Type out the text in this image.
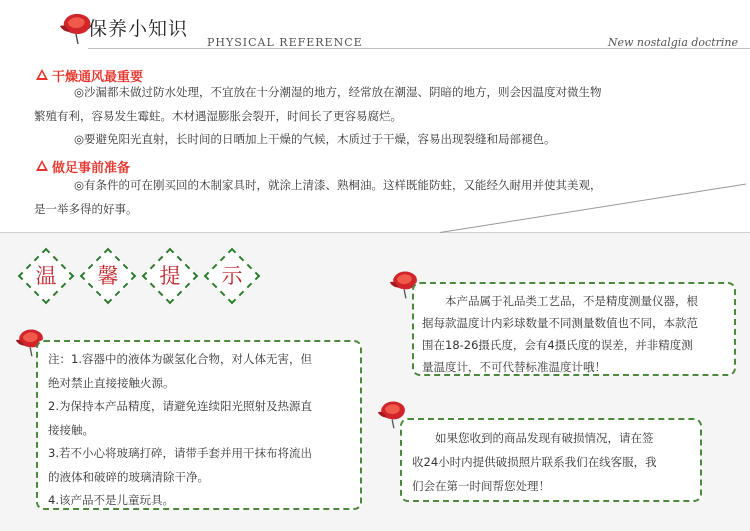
保养小知识
PHYSICAL REFERENCE	New nostalgia doctrine
干燥通风最重要
◎沙漏都未做过防水处理，不宜放在十分潮湿的地方，经常放在潮湿、阴暗的地方，则会因温度对微生物
繁殖有利，容易发生霉蛀。木材遇湿膨胀会裂开，时间长了更容易腐烂。
◎要避免阳光直射，长时间的日晒加上干燥的气候，木质过于干燥，容易出现裂缝和局部褪色。
做足事前准备
◎有条件的可在刚买回的木制家具时，就涂上清漆、熟桐油。这样既能防蛀，又能经久耐用并使其美观，
是一举多得的好事。
温	馨	提	示
注：1.容器中的液体为碳氢化合物，对人体无害，但
绝对禁止直接接触火源。
2.为保持本产品精度，请避免连续阳光照射及热源直
接接触。
3.若不小心将玻璃打碎，请带手套并用干抹布将流出
的液体和破碎的玻璃清除干净。
4.该产品不是儿童玩具。
本产品属于礼品类工艺品，不是精度测量仪器，根
据每款温度计内彩球数量不同测量数值也不同，本款范
围在18-26摄氏度，会有4摄氏度的误差，并非精度测
量温度计，不可代替标准温度计哦！
如果您收到的商品发现有破损情况，请在签
收24小时内提供破损照片联系我们在线客服，我
们会在第一时间帮您处理！
